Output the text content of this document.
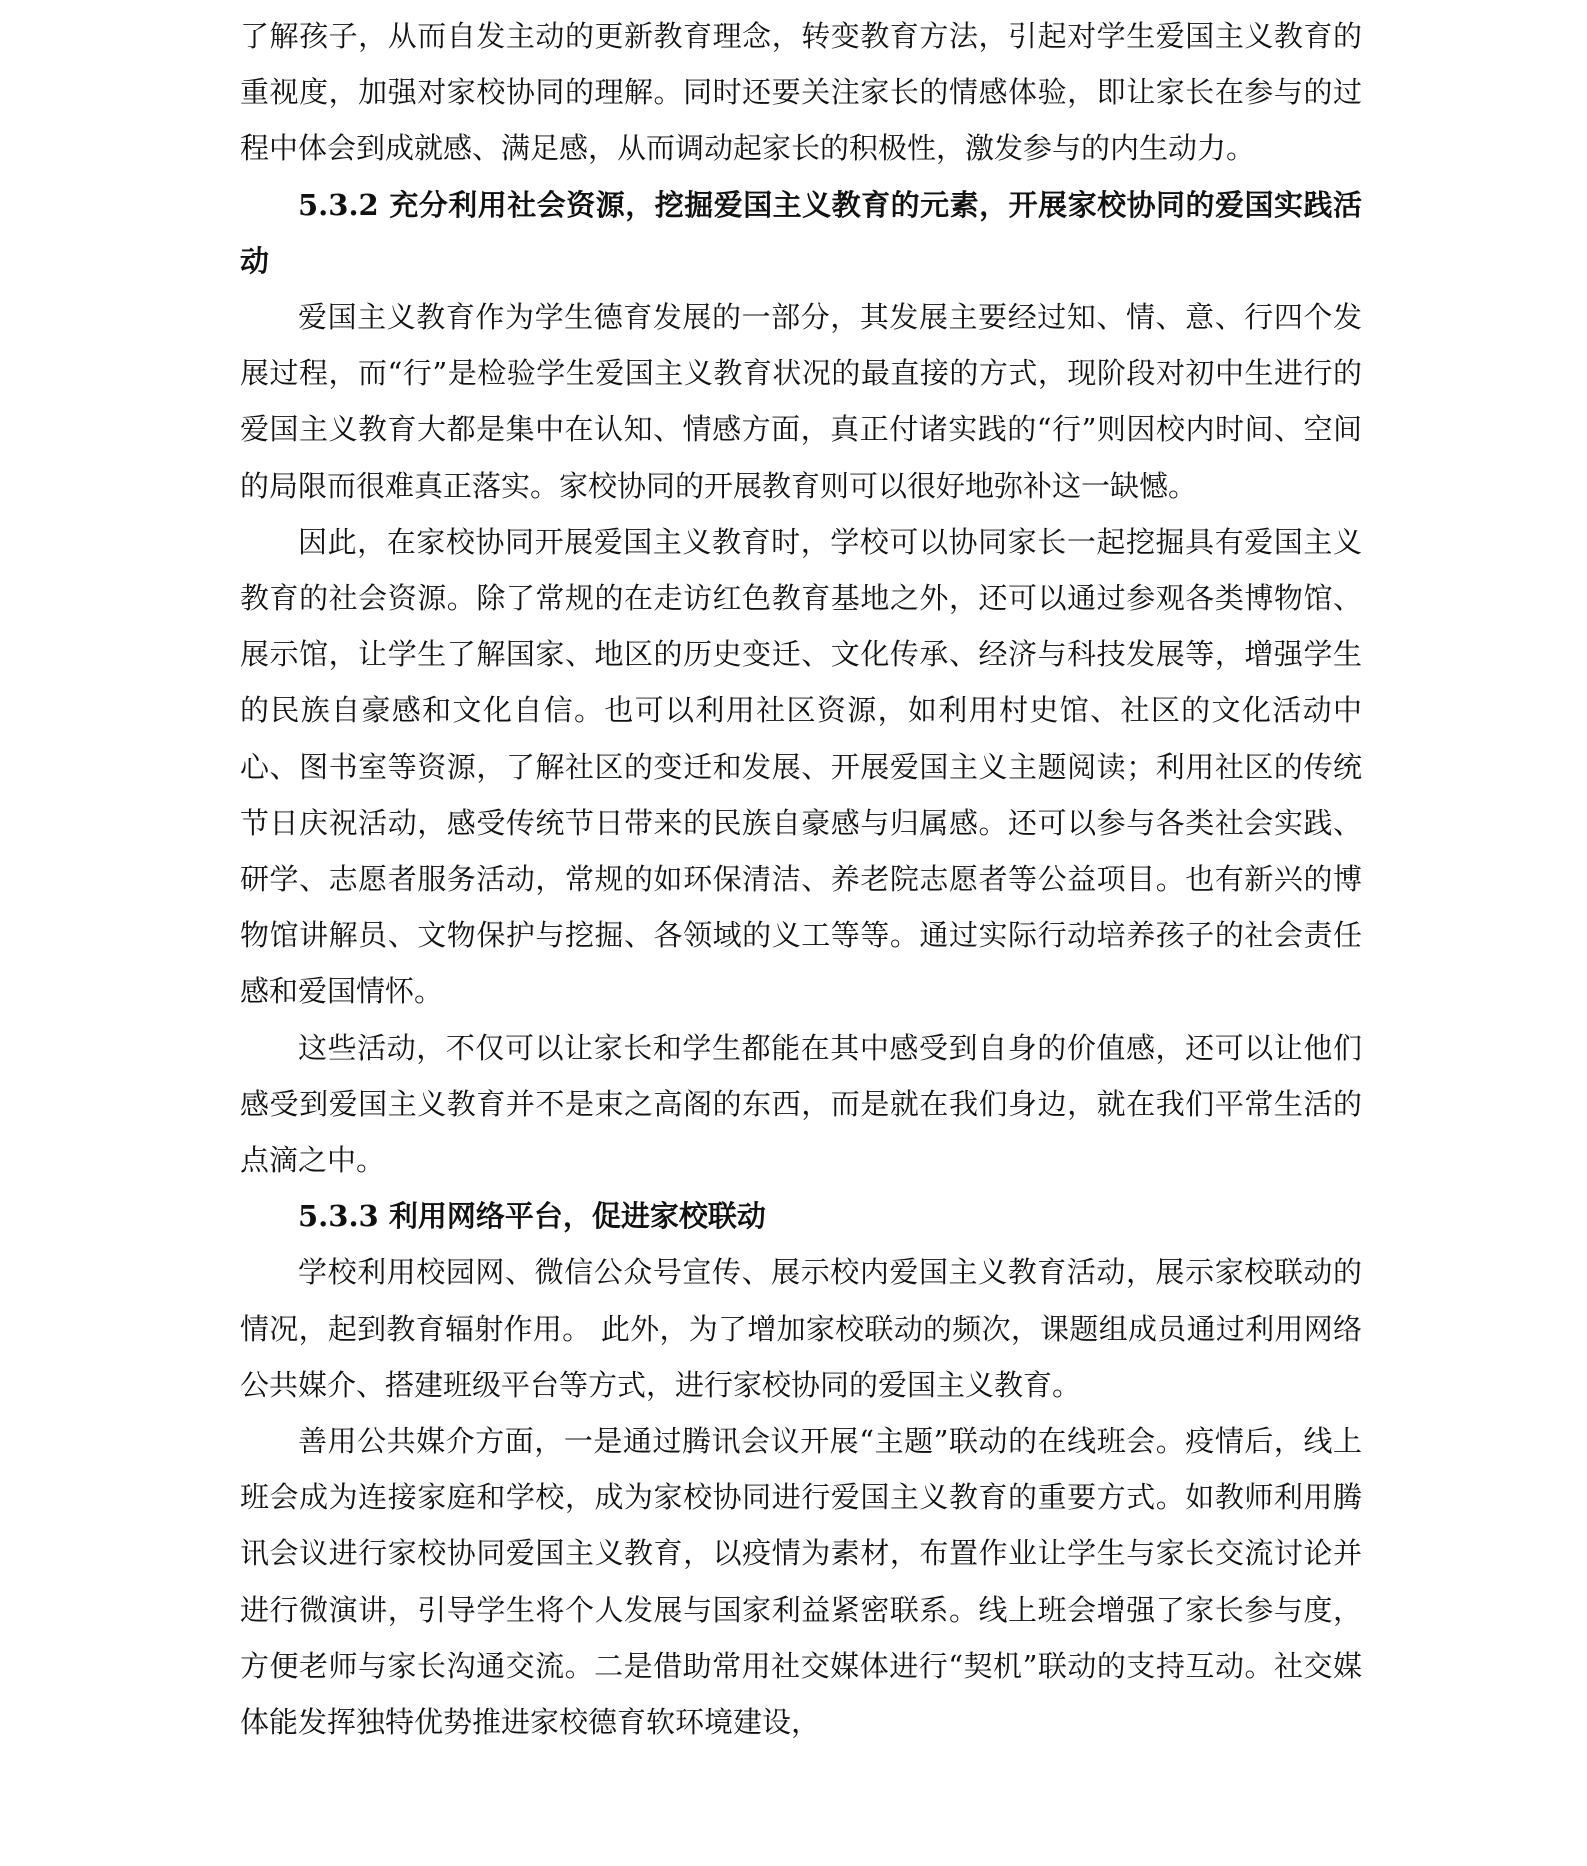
了解孩子，从而自发主动的更新教育理念，转变教育方法，引起对学生爱国主义教育的重视度，加强对家校协同的理解。同时还要关注家长的情感体验，即让家长在参与的过程中体会到成就感、满足感，从而调动起家长的积极性，激发参与的内生动力。

5.3.2 充分利用社会资源，挖掘爱国主义教育的元素，开展家校协同的爱国实践活动

爱国主义教育作为学生德育发展的一部分，其发展主要经过知、情、意、行四个发展过程，而“行”是检验学生爱国主义教育状况的最直接的方式，现阶段对初中生进行的爱国主义教育大都是集中在认知、情感方面，真正付诸实践的“行”则因校内时间、空间的局限而很难真正落实。家校协同的开展教育则可以很好地弥补这一缺憾。

因此，在家校协同开展爱国主义教育时，学校可以协同家长一起挖掘具有爱国主义教育的社会资源。除了常规的在走访红色教育基地之外，还可以通过参观各类博物馆、展示馆，让学生了解国家、地区的历史变迁、文化传承、经济与科技发展等，增强学生的民族自豪感和文化自信。也可以利用社区资源，如利用村史馆、社区的文化活动中心、图书室等资源，了解社区的变迁和发展、开展爱国主义主题阅读；利用社区的传统节日庆祝活动，感受传统节日带来的民族自豪感与归属感。还可以参与各类社会实践、研学、志愿者服务活动，常规的如环保清洁、养老院志愿者等公益项目。也有新兴的博物馆讲解员、文物保护与挖掘、各领域的义工等等。通过实际行动培养孩子的社会责任感和爱国情怀。

这些活动，不仅可以让家长和学生都能在其中感受到自身的价值感，还可以让他们感受到爱国主义教育并不是束之高阁的东西，而是就在我们身边，就在我们平常生活的点滴之中。

5.3.3 利用网络平台，促进家校联动

学校利用校园网、微信公众号宣传、展示校内爱国主义教育活动，展示家校联动的情况，起到教育辐射作用。 此外，为了增加家校联动的频次，课题组成员通过利用网络公共媒介、搭建班级平台等方式，进行家校协同的爱国主义教育。

善用公共媒介方面，一是通过腾讯会议开展“主题”联动的在线班会。疫情后，线上班会成为连接家庭和学校，成为家校协同进行爱国主义教育的重要方式。如教师利用腾讯会议进行家校协同爱国主义教育，以疫情为素材，布置作业让学生与家长交流讨论并进行微演讲，引导学生将个人发展与国家利益紧密联系。线上班会增强了家长参与度，方便老师与家长沟通交流。二是借助常用社交媒体进行“契机”联动的支持互动。社交媒体能发挥独特优势推进家校德育软环境建设，
